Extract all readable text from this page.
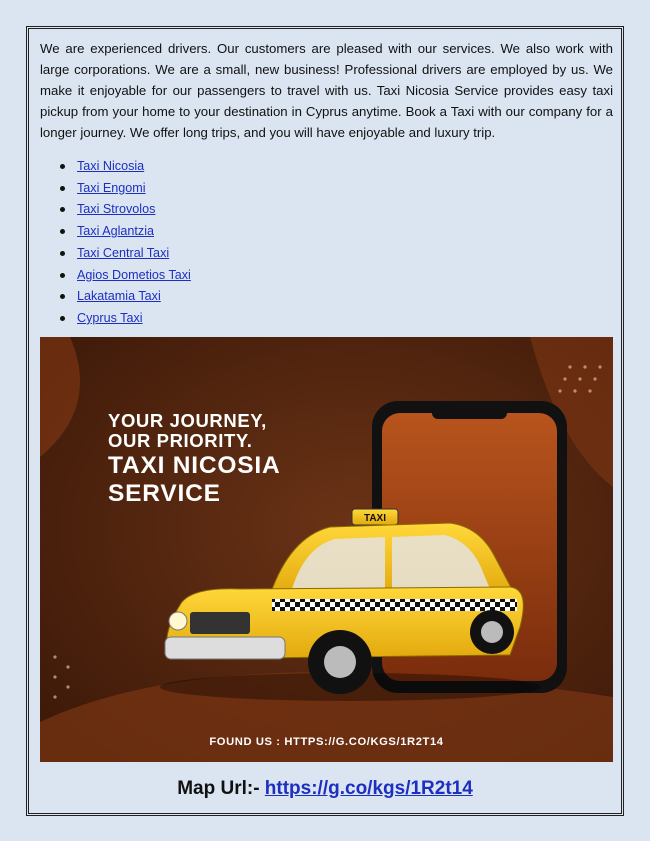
We are experienced drivers. Our customers are pleased with our services. We also work with large corporations. We are a small, new business! Professional drivers are employed by us. We make it enjoyable for our passengers to travel with us. Taxi Nicosia Service provides easy taxi pickup from your home to your destination in Cyprus anytime. Book a Taxi with our company for a longer journey. We offer long trips, and you will have enjoyable and luxury trip.

Taxi Nicosia
Taxi Engomi
Taxi Strovolos
Taxi Aglantzia
Taxi Central Taxi
Agios Dometios Taxi
Lakatamia Taxi
Cyprus Taxi
TAXI
YOUR JOURNEY,
OUR PRIORITY.
TAXI NICOSIA
SERVICE
FOUND US : HTTPS://G.CO/KGS/1R2T14
Map Url:- https://g.co/kgs/1R2t14
